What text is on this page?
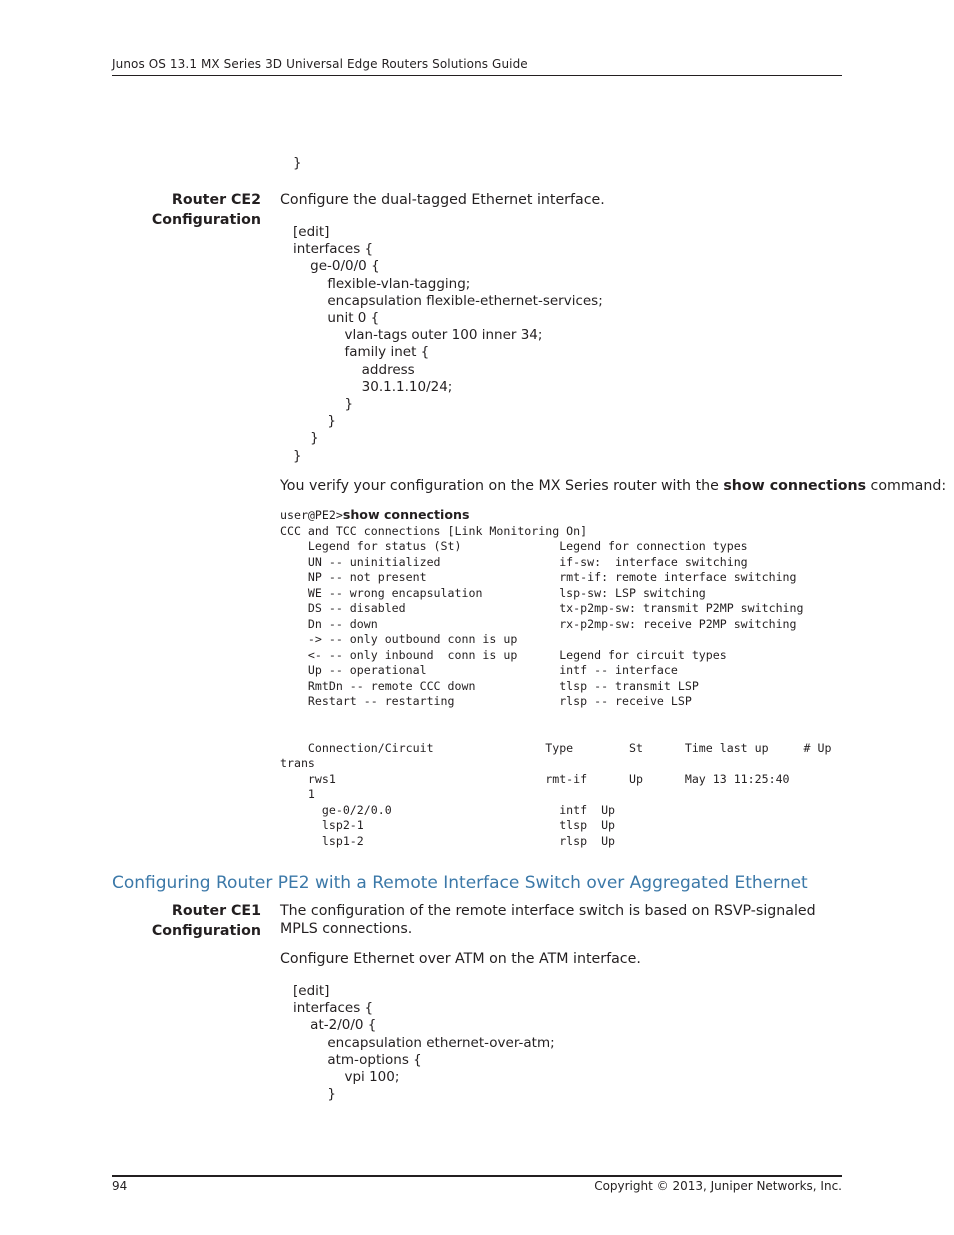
Junos OS 13.1 MX Series 3D Universal Edge Routers Solutions Guide
}
Router CE2
Configuration
Configure the dual-tagged Ethernet interface.
[edit]
interfaces {
ge-0/0/0 {
flexible-vlan-tagging;
encapsulation flexible-ethernet-services;
unit 0 {
vlan-tags outer 100 inner 34;
family inet {
address
30.1.1.10/24;
}
}
}
}
You verify your configuration on the MX Series router with the show connections command:
user@PE2>show connections
CCC and TCC connections [Link Monitoring On]
Legend for status (St)              Legend for connection types
UN -- uninitialized                 if-sw:  interface switching
NP -- not present                   rmt-if: remote interface switching
WE -- wrong encapsulation           lsp-sw: LSP switching
DS -- disabled                      tx-p2mp-sw: transmit P2MP switching
Dn -- down                          rx-p2mp-sw: receive P2MP switching
-> -- only outbound conn is up
<- -- only inbound  conn is up      Legend for circuit types
Up -- operational                   intf -- interface
RmtDn -- remote CCC down            tlsp -- transmit LSP
Restart -- restarting               rlsp -- receive LSP

Connection/Circuit                Type        St      Time last up     # Up
trans
rws1                              rmt-if      Up      May 13 11:25:40
1
ge-0/2/0.0                        intf  Up
lsp2-1                            tlsp  Up
lsp1-2                            rlsp  Up
Configuring Router PE2 with a Remote Interface Switch over Aggregated Ethernet
Router CE1
Configuration
The configuration of the remote interface switch is based on RSVP-signaled MPLS connections.
Configure Ethernet over ATM on the ATM interface.
[edit]
interfaces {
at-2/0/0 {
encapsulation ethernet-over-atm;
atm-options {
vpi 100;
}
94	Copyright © 2013, Juniper Networks, Inc.
